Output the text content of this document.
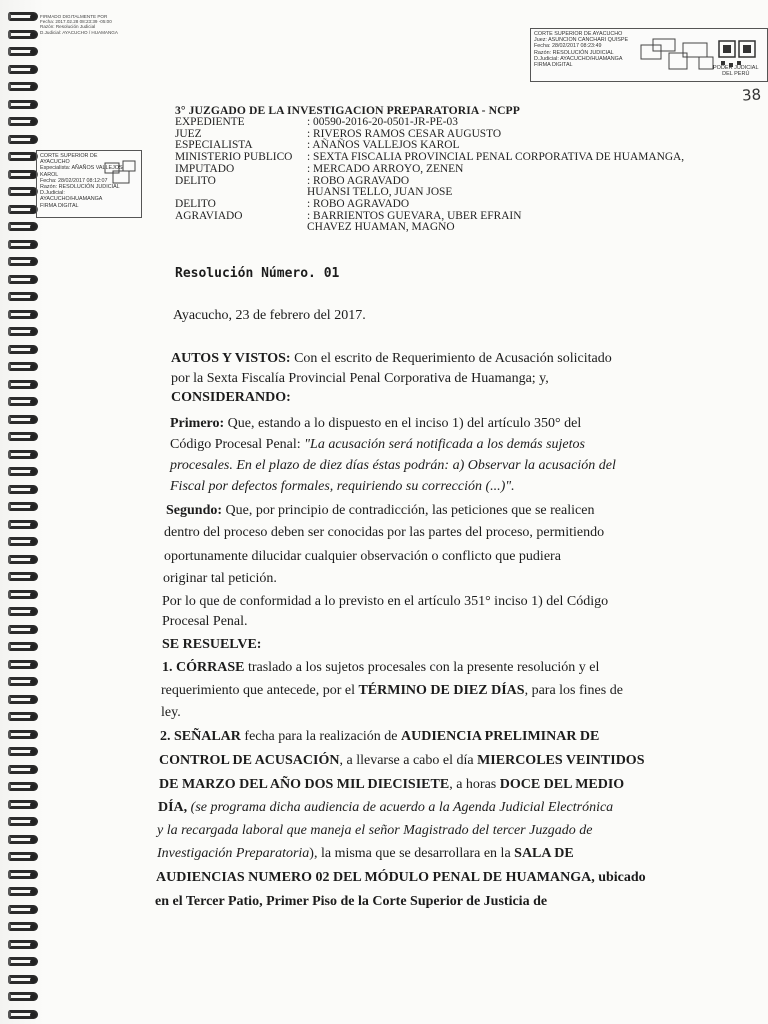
FIRMADO DIGITALMENTE POR
Fecha: 2017.02.28 08:23:39 -05:00
Razón: Resolución Judicial
D.Judicial: AYACUCHO / HUAMANGA	CORTE SUPERIOR DE AYACUCHO
Juez: ASUNCION CANCHARI QUISPE
Fecha: 28/02/2017 08:23:49
Razón: RESOLUCIÓN JUDICIAL
D.Judicial: AYACUCHO/HUAMANGA
FIRMA DIGITAL	PODER JUDICIAL
DEL PERÚ
38
CORTE SUPERIOR DE
AYACUCHO
Especialista: AÑAÑOS VALLEJOS
KAROL
Fecha: 28/02/2017 08:12:07
Razón: RESOLUCIÓN JUDICIAL
D.Judicial:
AYACUCHO/HUAMANGA
FIRMA DIGITAL
3° JUZGADO DE LA INVESTIGACION PREPARATORIA - NCPP
EXPEDIENTE	: 00590-2016-20-0501-JR-PE-03
JUEZ	: RIVEROS RAMOS CESAR AUGUSTO
ESPECIALISTA	: AÑAÑOS VALLEJOS KAROL
MINISTERIO PUBLICO	: SEXTA FISCALIA PROVINCIAL PENAL CORPORATIVA DE HUAMANGA,
IMPUTADO	: MERCADO ARROYO, ZENEN
DELITO	: ROBO AGRAVADO
HUANSI TELLO, JUAN JOSE
DELITO	: ROBO AGRAVADO
AGRAVIADO	: BARRIENTOS GUEVARA, UBER EFRAIN
CHAVEZ HUAMAN, MAGNO
Resolución Número. 01
Ayacucho, 23 de febrero del 2017.
AUTOS Y VISTOS: Con el escrito de Requerimiento de Acusación solicitado
por la Sexta Fiscalía Provincial Penal Corporativa de Huamanga; y,
CONSIDERANDO:
Primero: Que, estando a lo dispuesto en el inciso 1) del artículo 350° del
Código Procesal Penal: "La acusación será notificada a los demás sujetos
procesales. En el plazo de diez días éstas podrán: a) Observar la acusación del
Fiscal por defectos formales, requiriendo su corrección (...)".
Segundo: Que, por principio de contradicción, las peticiones que se realicen
dentro del proceso deben ser conocidas por las partes del proceso, permitiendo
oportunamente dilucidar cualquier observación o conflicto que pudiera
originar tal petición.
Por lo que de conformidad a lo previsto en el artículo 351° inciso 1) del Código
Procesal Penal.
SE RESUELVE:
1. CÓRRASE traslado a los sujetos procesales con la presente resolución y el
requerimiento que antecede, por el TÉRMINO DE DIEZ DÍAS, para los fines de
ley.
2. SEÑALAR fecha para la realización de AUDIENCIA PRELIMINAR DE
CONTROL DE ACUSACIÓN, a llevarse a cabo el día MIERCOLES VEINTIDOS
DE MARZO DEL AÑO DOS MIL DIECISIETE, a horas DOCE DEL MEDIO
DÍA, (se programa dicha audiencia de acuerdo a la Agenda Judicial Electrónica
y la recargada laboral que maneja el señor Magistrado del tercer Juzgado de
Investigación Preparatoria), la misma que se desarrollara en la SALA DE
AUDIENCIAS NUMERO 02 DEL MÓDULO PENAL DE HUAMANGA, ubicado
en el Tercer Patio, Primer Piso de la Corte Superior de Justicia de
